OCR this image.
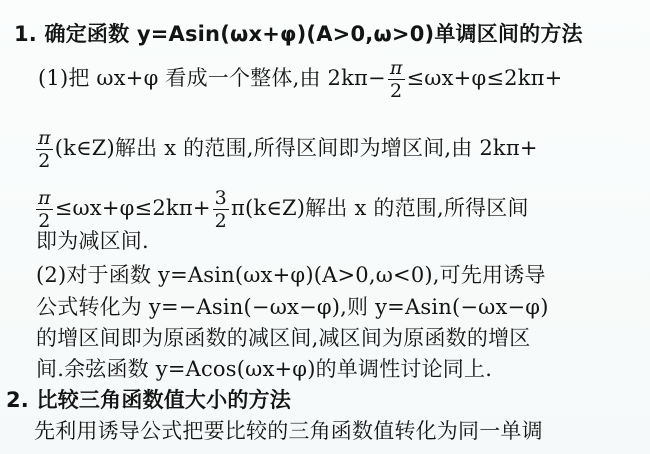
1. 确定函数 y=Asin(ωx+φ)(A>0,ω>0)单调区间的方法
(1)把 ωx+φ 看成一个整体,由 $2k\pi- \frac{\pi}{2} \le\omega x+\varphi\le 2k\pi+$
$\frac{\pi}{2}$ (k∈Z)解出 x 的范围,所得区间即为增区间,由 2kπ+
$\frac{\pi}{2} \le\omega x+\varphi\le 2k\pi+ \frac{3}{2}$ π(k∈Z)解出 x 的范围,所得区间
即为减区间.
(2)对于函数 y=Asin(ωx+φ)(A>0,ω<0),可先用诱导
公式转化为 y=−Asin(−ωx−φ),则 y=Asin(−ωx−φ)
的增区间即为原函数的减区间,减区间为原函数的增区
间.余弦函数 y=Acos(ωx+φ)的单调性讨论同上.
2. 比较三角函数值大小的方法
先利用诱导公式把要比较的三角函数值转化为同一单调
